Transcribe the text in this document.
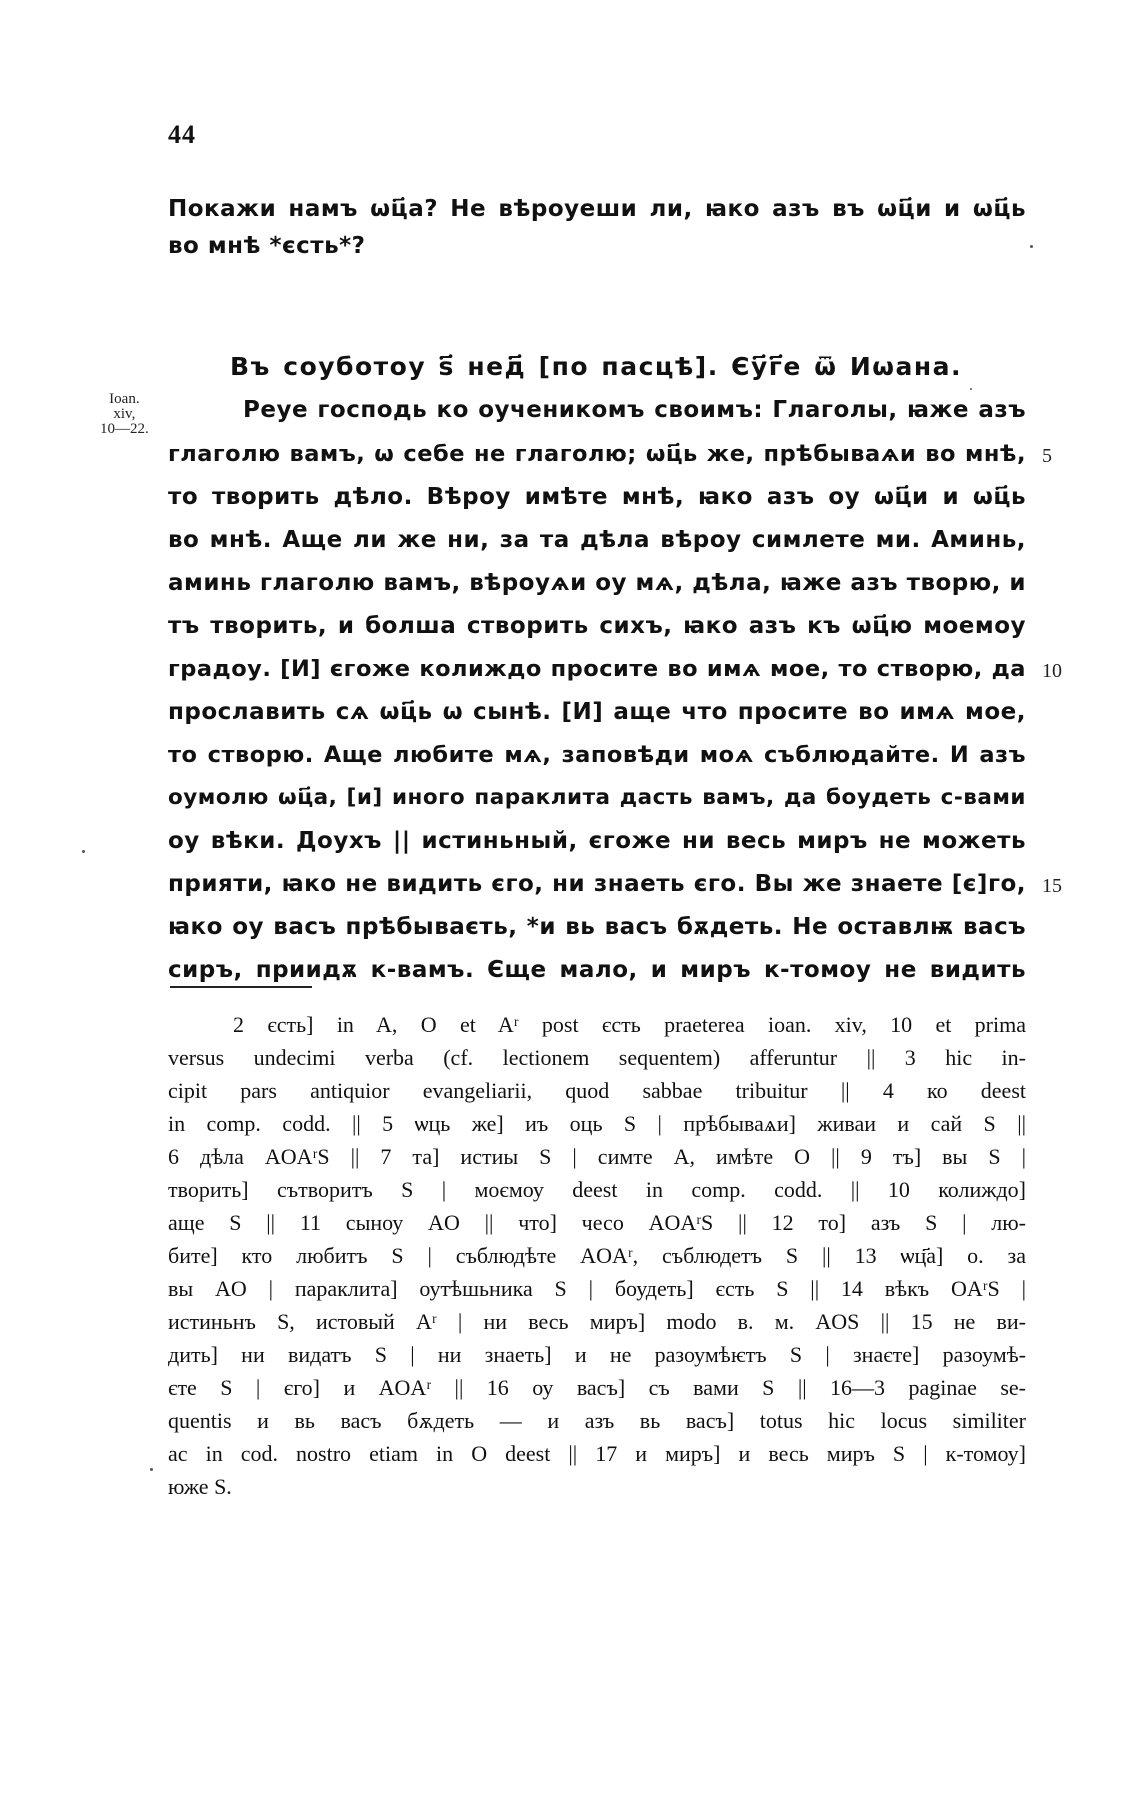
44
Покажи намъ ѡц҃а? Не вѣроуеши ли, ꙗко азъ въ ѡц҃и и ѡц҃ь
во мнѣ *єсть*?
Въ соуботоу ѕ҃ нед҃ [по пасцѣ]. Єу҃г҃е ѿ Иѡана.
Ioan.
xiv,
10—22.
Реуе господь ко оученикомъ своимъ: Глаголы, ꙗже азъ
глаголю вамъ, ѡ себе не глаголю; ѡц҃ь же, прѣбываѧи во мнѣ,
то творить дѣло. Вѣроу имѣте мнѣ, ꙗко азъ оу ѡц҃и и ѡц҃ь
во мнѣ. Аще ли же ни, за та дѣла вѣроу симлете ми. Аминь,
аминь глаголю вамъ, вѣроуѧи оу мѧ, дѣла, ꙗже азъ творю, и
тъ творить, и болша створить сихъ, ꙗко азъ къ ѡц҃ю моемоу
градоу. [И] єгоже колиждо просите во имѧ мое, то створю, да
прославить сѧ ѡц҃ь ѡ сынѣ. [И] аще что просите во имѧ мое,
то створю. Аще любите мѧ, заповѣди моѧ съблюдайте. И азъ
оумолю ѡц҃а, [и] иного параклита дасть вамъ, да боудеть с-вами
оу вѣки. Доухъ || истиньный, єгоже ни весь миръ не можеть
прияти, ꙗко не видить єго, ни знаеть єго. Вы же знаете [є]го,
ꙗко оу васъ прѣбываєть, *и вь васъ бѫдеть. Не оставлѭ васъ
сиръ, приидѫ к-вамъ. Єще мало, и миръ к-томоу не видить
5
10
15
2 єсть] in A, O et Aʳ post єсть praeterea ioan. xiv, 10 et prima
versus undecimi verba (cf. lectionem sequentem) afferuntur || 3 hic in-
cipit pars antiquior evangeliarii, quod sabbae tribuitur || 4 ко deest
in comp. codd. || 5 ѡць же] иъ оць S | прѣбываѧи] живаи и сай S ||
6 дѣла AOAʳS || 7 та] истиы S | симте A, имѣте O || 9 тъ] вы S |
творить] сътворитъ S | моємоу deest in comp. codd. || 10 колиждо]
аще S || 11 сыноу AO || что] чесо AOAʳS || 12 то] азъ S | лю-
бите] кто любитъ S | съблюдѣте AOAʳ, съблюдетъ S || 13 ѡц҃а] о. за
вы AO | параклита] оутѣшьника S | боудеть] єсть S || 14 вѣкъ OAʳS |
истиньнъ S, истовый Aʳ | ни весь миръ] modo в. м. AOS || 15 не ви-
дить] ни видатъ S | ни знаеть] и не разоумѣѥтъ S | знаєте] разоумѣ-
єте S | єго] и AOAʳ || 16 оу васъ] съ вами S || 16—3 paginae se-
quentis и вь васъ бѫдеть — и азъ вь васъ] totus hic locus similiter
ac in cod. nostro etiam in O deest || 17 и миръ] и весь миръ S | к-томоу]
юже S.
